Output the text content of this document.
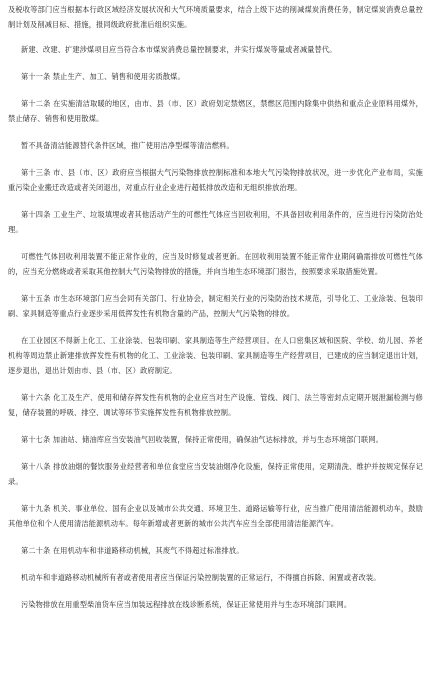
及税收等部门应当根据本行政区域经济发展状况和大气环境质量要求，结合上级下达的削减煤炭消费任务，制定煤炭消费总量控制计划及削减目标、措施，报同级政府批准后组织实施。

新建、改建、扩建涉煤项目应当符合本市煤炭消费总量控制要求，并实行煤炭等量或者减量替代。

第十一条 禁止生产、加工、销售和使用劣质散煤。

第十二条 在实施清洁取暖的地区，由市、县（市、区）政府划定禁燃区，禁燃区范围内除集中供热和重点企业原料用煤外，禁止储存、销售和使用散煤。

暂不具备清洁能源替代条件区域，推广使用洁净型煤等清洁燃料。

第十三条 市、县（市、区）政府应当根据大气污染物排放控制标准和本地大气污染物排放状况，进一步优化产业布局，实施重污染企业搬迁改造或者关闭退出，对重点行业企业进行超低排放改造和无组织排放治理。

第十四条 工业生产、垃圾填埋或者其他活动产生的可燃性气体应当回收利用，不具备回收利用条件的，应当进行污染防治处理。

可燃性气体回收利用装置不能正常作业的，应当及时修复或者更新。在回收利用装置不能正常作业期间确需排放可燃性气体的，应当充分燃烧或者采取其他控制大气污染物排放的措施，并向当地生态环境部门报告，按照要求采取措施处置。

第十五条 市生态环境部门应当会同有关部门、行业协会，制定相关行业的污染防治技术规范，引导化工、工业涂装、包装印刷、家具制造等重点行业逐步采用低挥发性有机物含量的产品，控制大气污染物的排放。

在工业园区不得新上化工、工业涂装、包装印刷、家具制造等生产经营项目。在人口密集区域和医院、学校、幼儿园、养老机构等周边禁止新建排放挥发性有机物的化工、工业涂装、包装印刷、家具制造等生产经营项目，已建成的应当制定退出计划，逐步退出，退出计划由市、县（市、区）政府制定。

第十六条 化工及生产、使用和储存挥发性有机物的企业应当对生产设施、管线、阀门、法兰等密封点定期开展泄漏检测与修复，储存装置的呼吸、排空、调试等环节实施挥发性有机物排放控制。

第十七条 加油站、储油库应当安装油气回收装置，保持正常使用，确保油气达标排放，并与生态环境部门联网。

第十八条 排放油烟的餐饮服务业经营者和单位食堂应当安装油烟净化设施，保持正常使用，定期清洗、维护并按规定保存记录。

第十九条 机关、事业单位、国有企业以及城市公共交通、环境卫生、道路运输等行业，应当推广使用清洁能源机动车，鼓励其他单位和个人使用清洁能源机动车。每年新增或者更新的城市公共汽车应当全部使用清洁能源汽车。

第二十条 在用机动车和非道路移动机械，其废气不得超过标准排放。

机动车和非道路移动机械所有者或者使用者应当保证污染控制装置的正常运行，不得擅自拆除、闲置或者改装。

污染物排放在用重型柴油货车应当加装远程排放在线诊断系统，保证正常使用并与生态环境部门联网。
